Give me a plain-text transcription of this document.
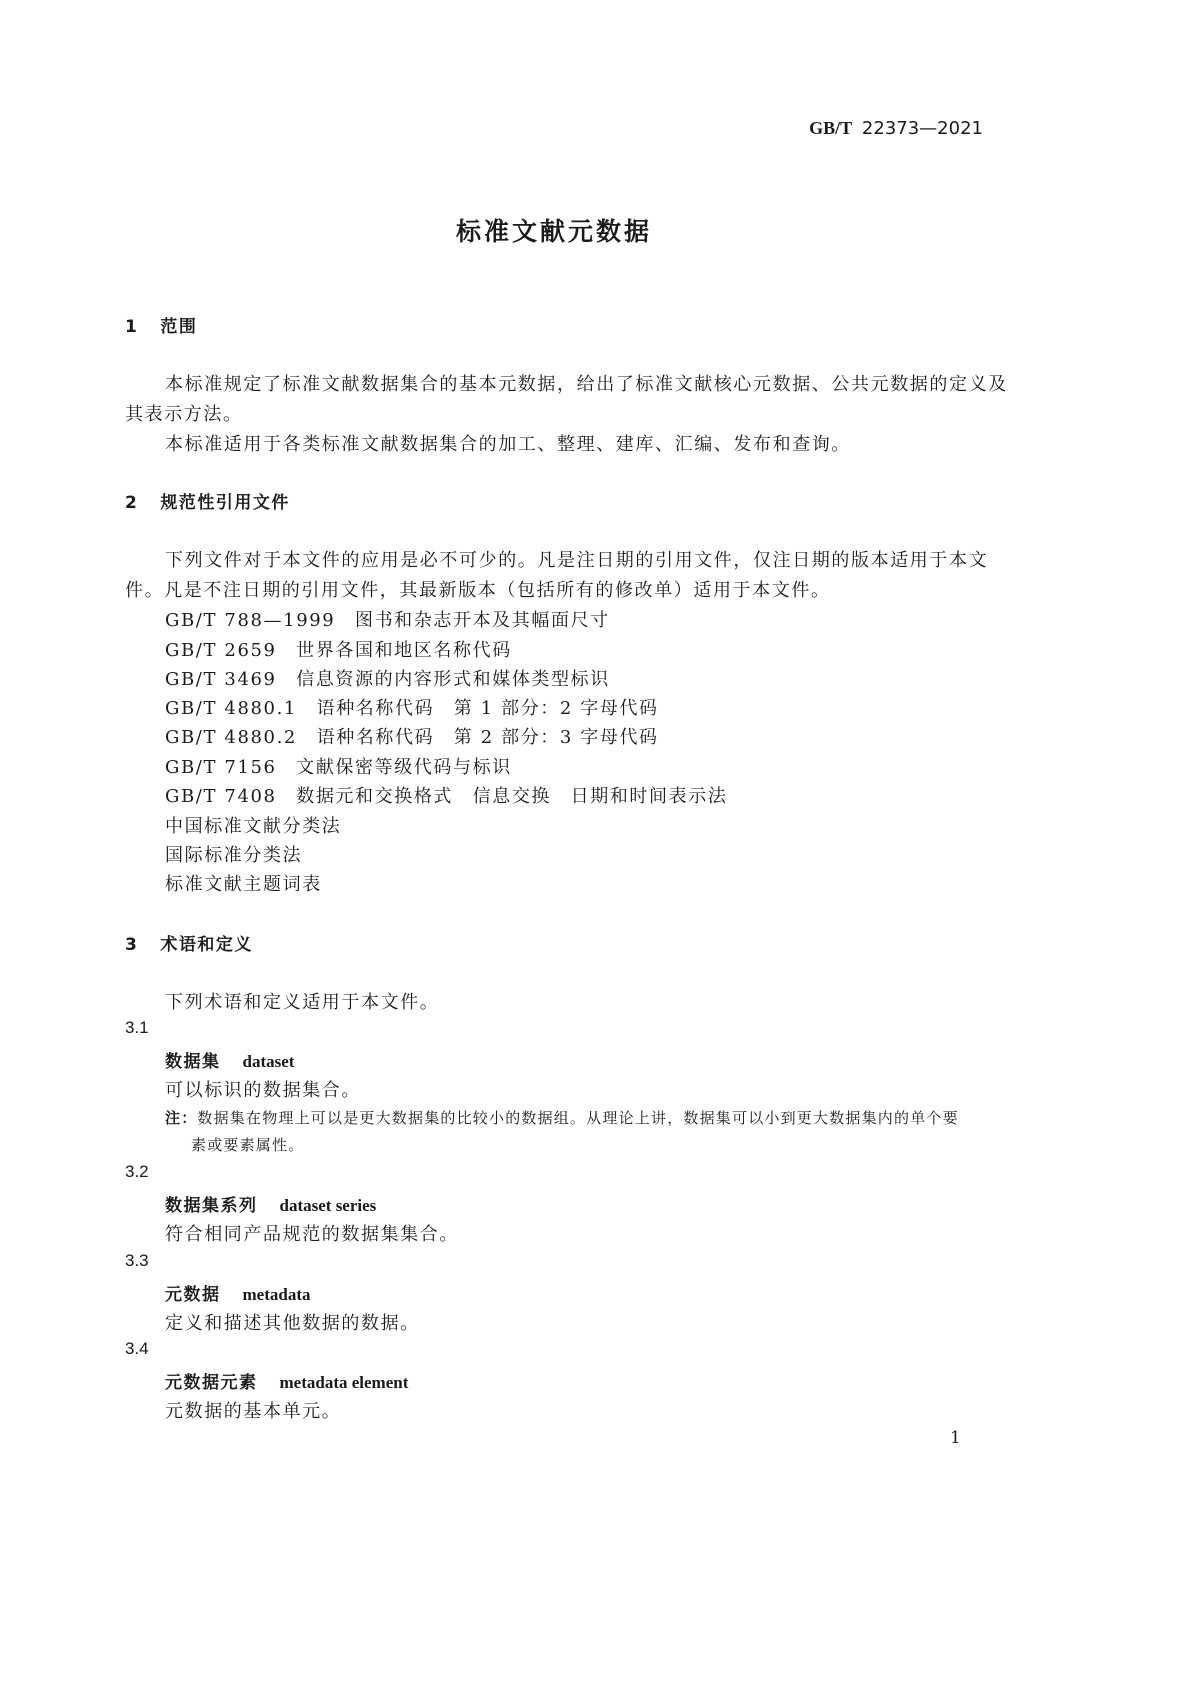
GB/T 22373—2021
标准文献元数据
1 范围
本标准规定了标准文献数据集合的基本元数据，给出了标准文献核心元数据、公共元数据的定义及
其表示方法。
本标准适用于各类标准文献数据集合的加工、整理、建库、汇编、发布和查询。
2 规范性引用文件
下列文件对于本文件的应用是必不可少的。凡是注日期的引用文件，仅注日期的版本适用于本文
件。凡是不注日期的引用文件，其最新版本（包括所有的修改单）适用于本文件。
GB/T 788—1999　 图书和杂志开本及其幅面尺寸
GB/T 2659　 世界各国和地区名称代码
GB/T 3469　 信息资源的内容形式和媒体类型标识
GB/T 4880.1　 语种名称代码　第 1 部分：2 字母代码
GB/T 4880.2　 语种名称代码　第 2 部分：3 字母代码
GB/T 7156　 文献保密等级代码与标识
GB/T 7408　 数据元和交换格式　信息交换　日期和时间表示法
中国标准文献分类法
国际标准分类法
标准文献主题词表
3 术语和定义
下列术语和定义适用于本文件。
3.1
数据集 dataset
可以标识的数据集合。
注：数据集在物理上可以是更大数据集的比较小的数据组。从理论上讲，数据集可以小到更大数据集内的单个要
素或要素属性。
3.2
数据集系列 dataset series
符合相同产品规范的数据集集合。
3.3
元数据 metadata
定义和描述其他数据的数据。
3.4
元数据元素 metadata element
元数据的基本单元。
1
